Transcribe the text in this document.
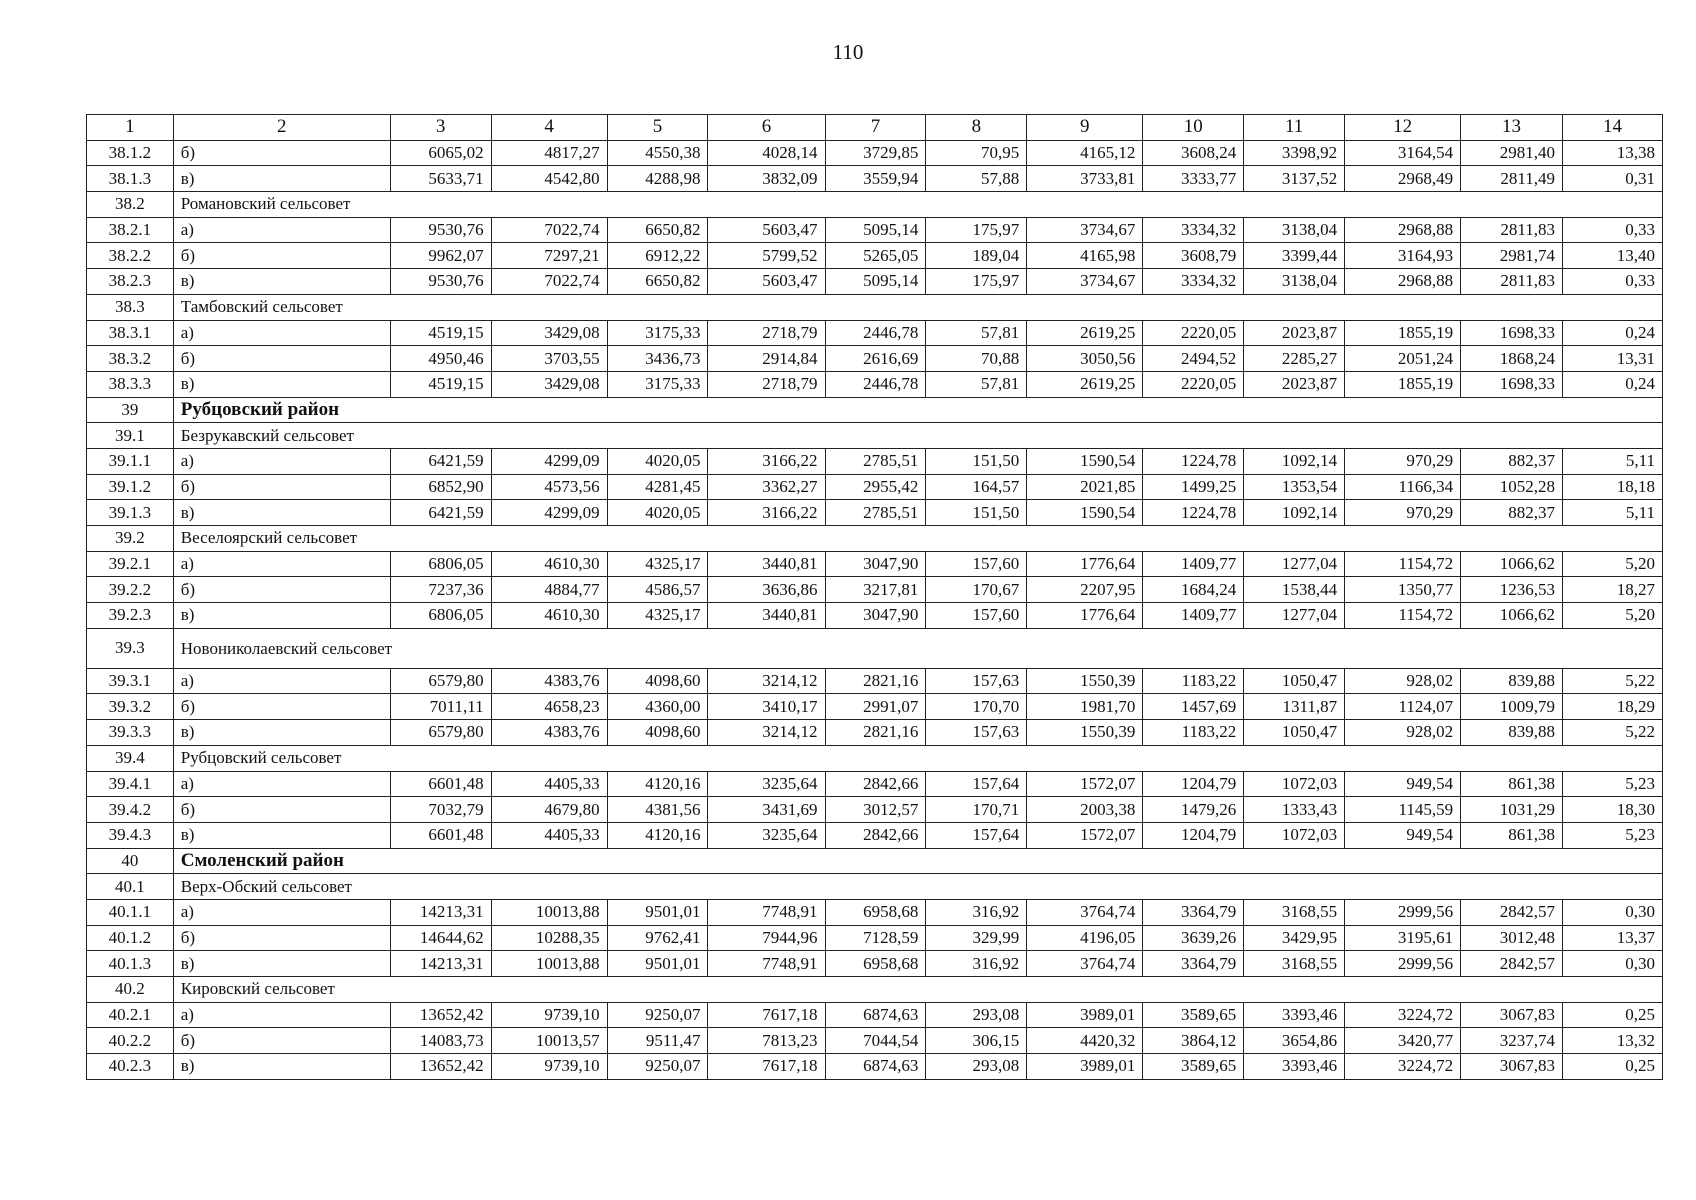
110
1	2	3	4	5	6	7	8	9	10	11	12	13	14
38.1.2	б)	6065,02	4817,27	4550,38	4028,14	3729,85	70,95	4165,12	3608,24	3398,92	3164,54	2981,40	13,38
38.1.3	в)	5633,71	4542,80	4288,98	3832,09	3559,94	57,88	3733,81	3333,77	3137,52	2968,49	2811,49	0,31
38.2	Романовский сельсовет												
38.2.1	а)	9530,76	7022,74	6650,82	5603,47	5095,14	175,97	3734,67	3334,32	3138,04	2968,88	2811,83	0,33
38.2.2	б)	9962,07	7297,21	6912,22	5799,52	5265,05	189,04	4165,98	3608,79	3399,44	3164,93	2981,74	13,40
38.2.3	в)	9530,76	7022,74	6650,82	5603,47	5095,14	175,97	3734,67	3334,32	3138,04	2968,88	2811,83	0,33
38.3	Тамбовский сельсовет												
38.3.1	а)	4519,15	3429,08	3175,33	2718,79	2446,78	57,81	2619,25	2220,05	2023,87	1855,19	1698,33	0,24
38.3.2	б)	4950,46	3703,55	3436,73	2914,84	2616,69	70,88	3050,56	2494,52	2285,27	2051,24	1868,24	13,31
38.3.3	в)	4519,15	3429,08	3175,33	2718,79	2446,78	57,81	2619,25	2220,05	2023,87	1855,19	1698,33	0,24
39	Рубцовский район												
39.1	Безрукавский сельсовет												
39.1.1	а)	6421,59	4299,09	4020,05	3166,22	2785,51	151,50	1590,54	1224,78	1092,14	970,29	882,37	5,11
39.1.2	б)	6852,90	4573,56	4281,45	3362,27	2955,42	164,57	2021,85	1499,25	1353,54	1166,34	1052,28	18,18
39.1.3	в)	6421,59	4299,09	4020,05	3166,22	2785,51	151,50	1590,54	1224,78	1092,14	970,29	882,37	5,11
39.2	Веселоярский сельсовет												
39.2.1	а)	6806,05	4610,30	4325,17	3440,81	3047,90	157,60	1776,64	1409,77	1277,04	1154,72	1066,62	5,20
39.2.2	б)	7237,36	4884,77	4586,57	3636,86	3217,81	170,67	2207,95	1684,24	1538,44	1350,77	1236,53	18,27
39.2.3	в)	6806,05	4610,30	4325,17	3440,81	3047,90	157,60	1776,64	1409,77	1277,04	1154,72	1066,62	5,20
39.3	Новониколаевский сельсовет												
39.3.1	а)	6579,80	4383,76	4098,60	3214,12	2821,16	157,63	1550,39	1183,22	1050,47	928,02	839,88	5,22
39.3.2	б)	7011,11	4658,23	4360,00	3410,17	2991,07	170,70	1981,70	1457,69	1311,87	1124,07	1009,79	18,29
39.3.3	в)	6579,80	4383,76	4098,60	3214,12	2821,16	157,63	1550,39	1183,22	1050,47	928,02	839,88	5,22
39.4	Рубцовский сельсовет												
39.4.1	а)	6601,48	4405,33	4120,16	3235,64	2842,66	157,64	1572,07	1204,79	1072,03	949,54	861,38	5,23
39.4.2	б)	7032,79	4679,80	4381,56	3431,69	3012,57	170,71	2003,38	1479,26	1333,43	1145,59	1031,29	18,30
39.4.3	в)	6601,48	4405,33	4120,16	3235,64	2842,66	157,64	1572,07	1204,79	1072,03	949,54	861,38	5,23
40	Смоленский район												
40.1	Верх-Обский сельсовет												
40.1.1	а)	14213,31	10013,88	9501,01	7748,91	6958,68	316,92	3764,74	3364,79	3168,55	2999,56	2842,57	0,30
40.1.2	б)	14644,62	10288,35	9762,41	7944,96	7128,59	329,99	4196,05	3639,26	3429,95	3195,61	3012,48	13,37
40.1.3	в)	14213,31	10013,88	9501,01	7748,91	6958,68	316,92	3764,74	3364,79	3168,55	2999,56	2842,57	0,30
40.2	Кировский сельсовет												
40.2.1	а)	13652,42	9739,10	9250,07	7617,18	6874,63	293,08	3989,01	3589,65	3393,46	3224,72	3067,83	0,25
40.2.2	б)	14083,73	10013,57	9511,47	7813,23	7044,54	306,15	4420,32	3864,12	3654,86	3420,77	3237,74	13,32
40.2.3	в)	13652,42	9739,10	9250,07	7617,18	6874,63	293,08	3989,01	3589,65	3393,46	3224,72	3067,83	0,25
